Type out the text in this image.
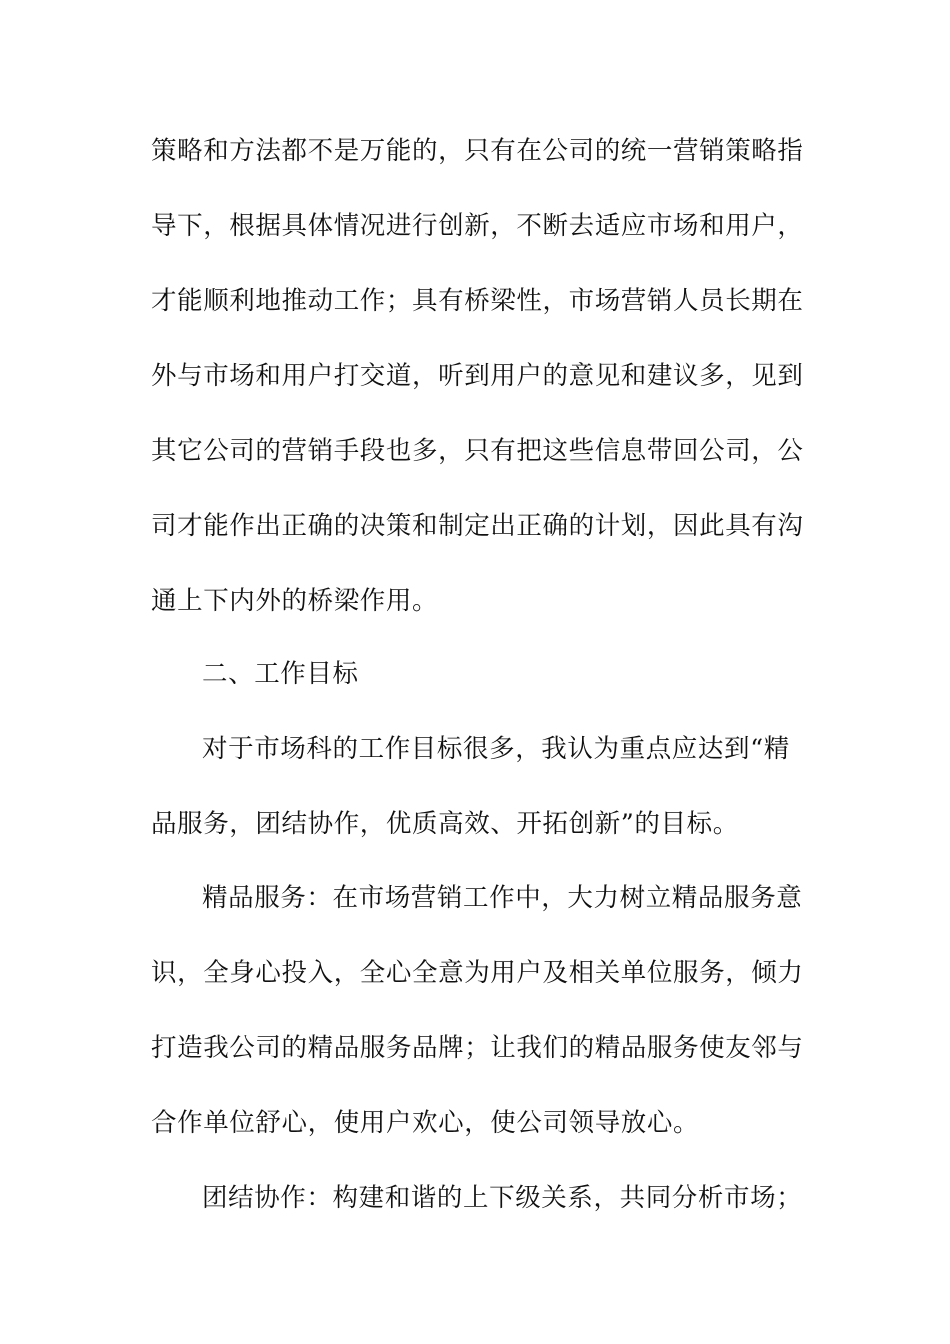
策略和方法都不是万能的，只有在公司的统一营销策略指
导下，根据具体情况进行创新，不断去适应市场和用户，
才能顺利地推动工作；具有桥梁性，市场营销人员长期在
外与市场和用户打交道，听到用户的意见和建议多，见到
其它公司的营销手段也多，只有把这些信息带回公司，公
司才能作出正确的决策和制定出正确的计划，因此具有沟
通上下内外的桥梁作用。
二、工作目标
对于市场科的工作目标很多，我认为重点应达到“精
品服务，团结协作，优质高效、开拓创新”的目标。
精品服务：在市场营销工作中，大力树立精品服务意
识，全身心投入，全心全意为用户及相关单位服务，倾力
打造我公司的精品服务品牌；让我们的精品服务使友邻与
合作单位舒心，使用户欢心，使公司领导放心。
团结协作：构建和谐的上下级关系，共同分析市场；
